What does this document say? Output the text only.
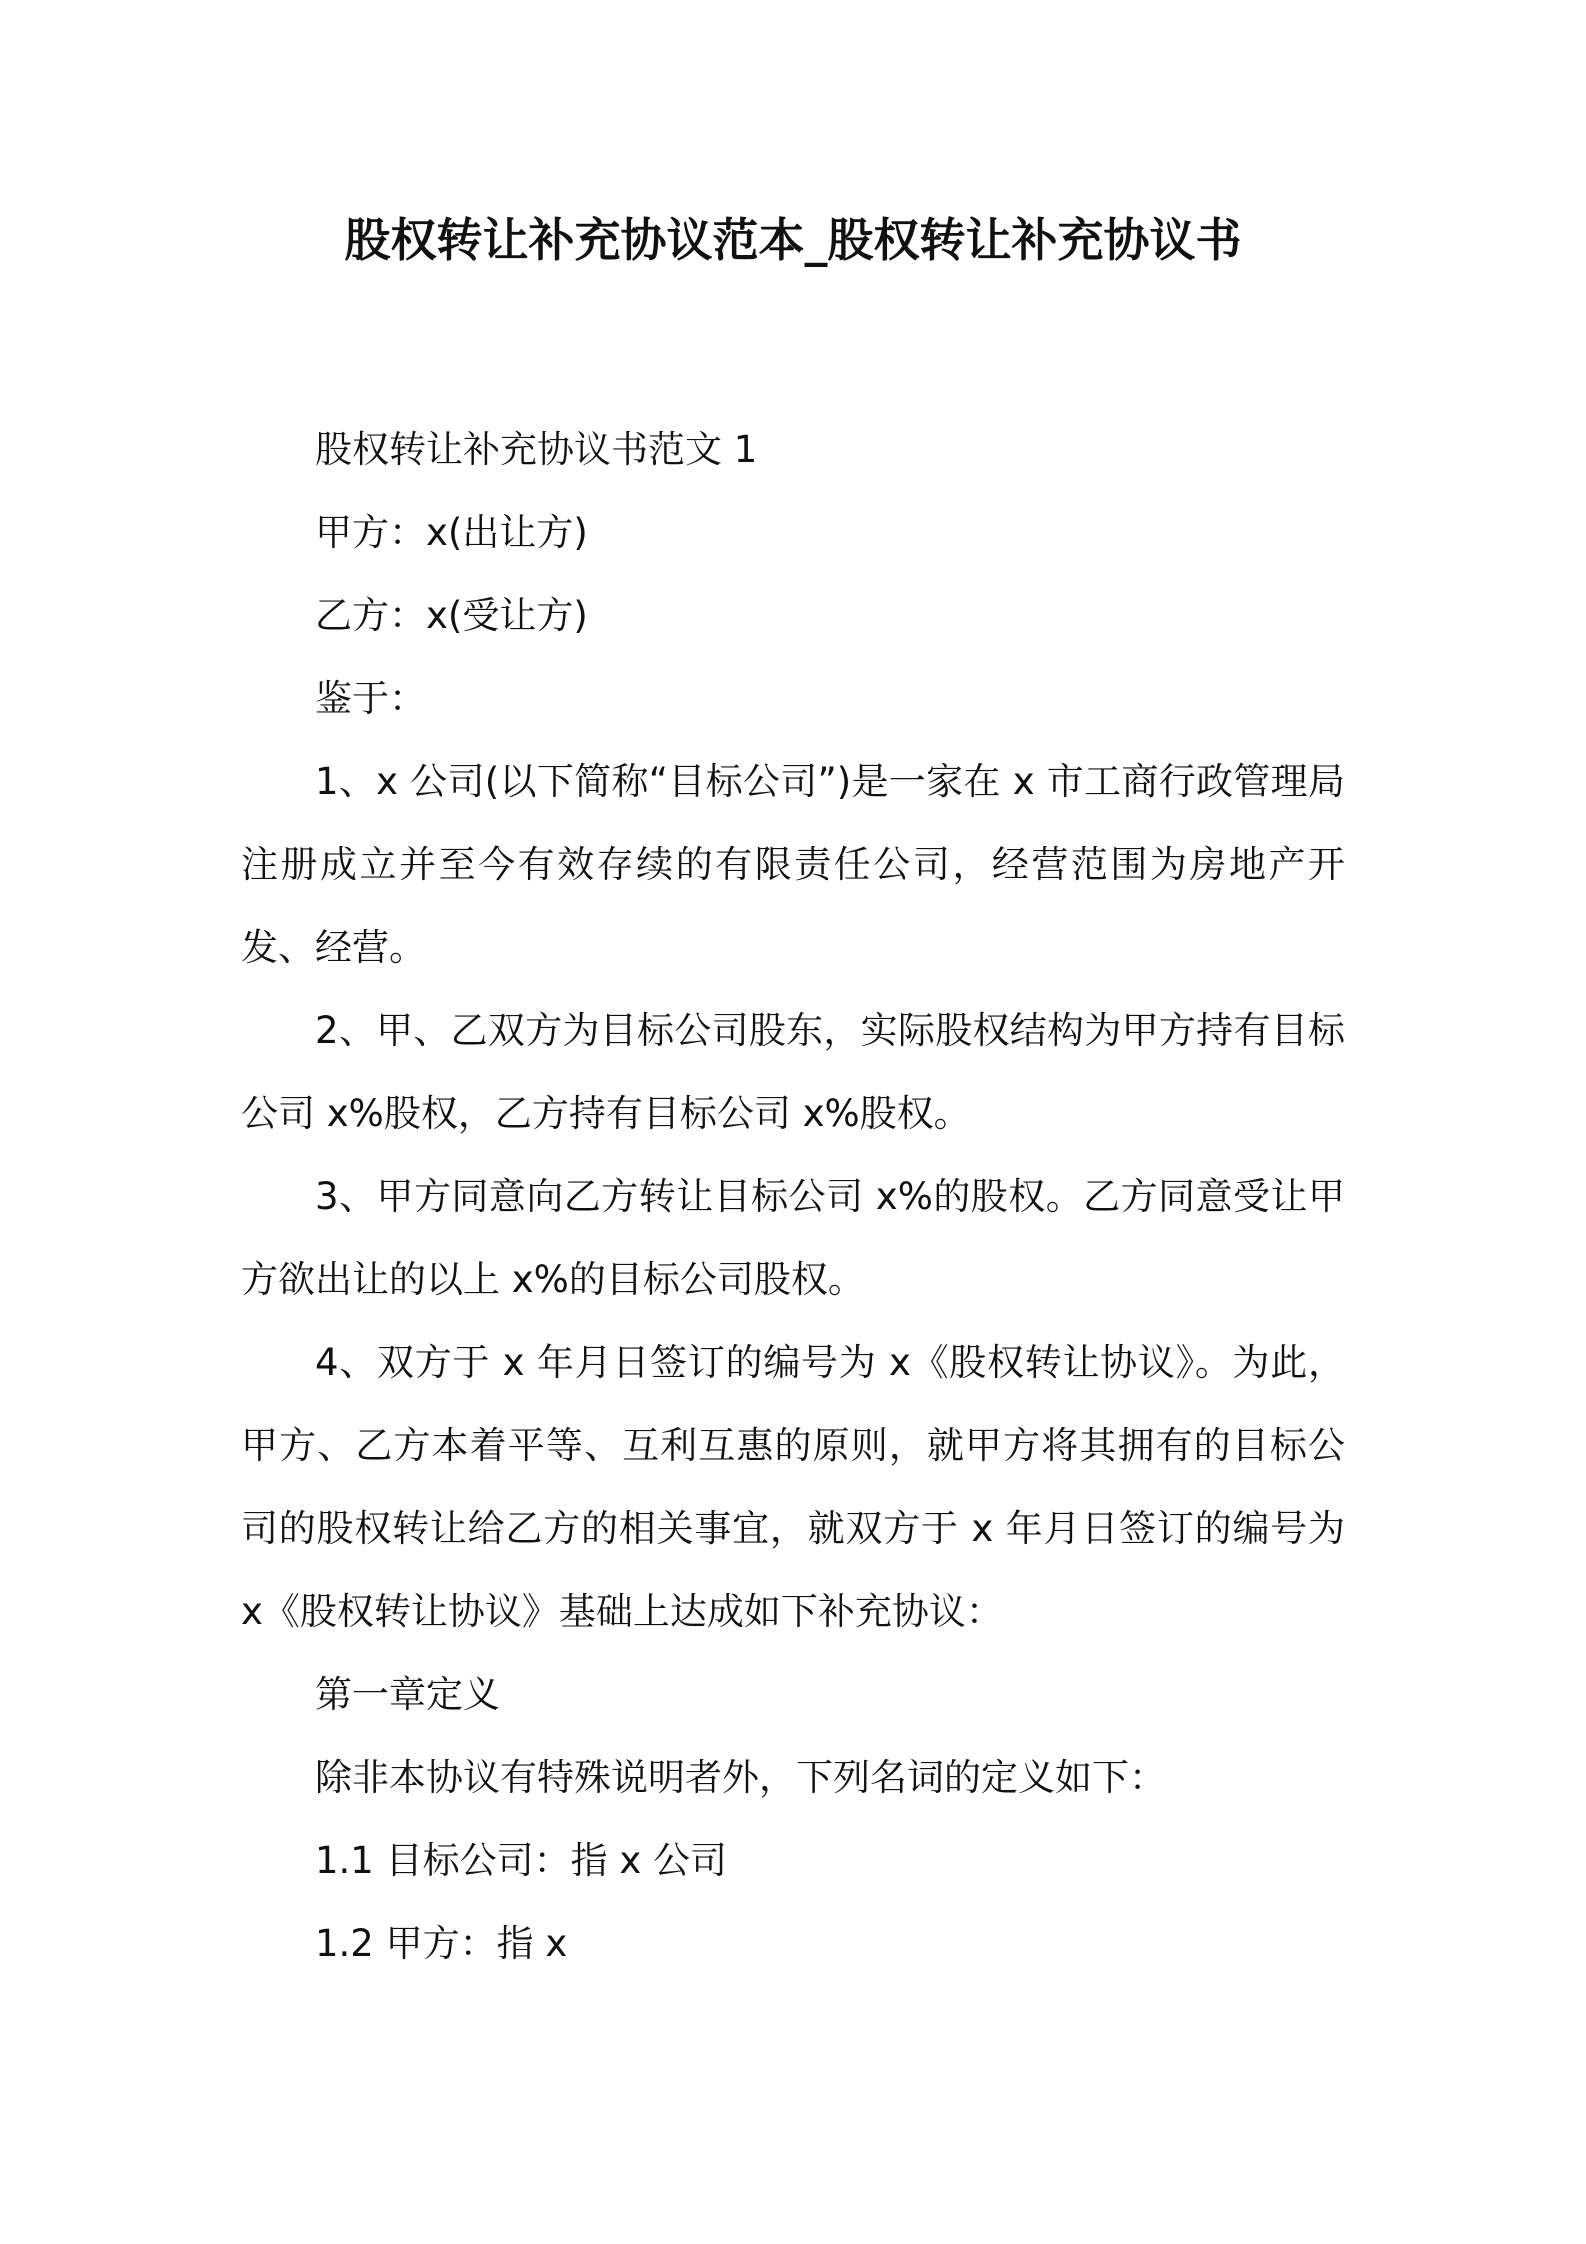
股权转让补充协议范本_股权转让补充协议书

股权转让补充协议书范文 1

甲方：x(出让方)

乙方：x(受让方)

鉴于：

1、x 公司(以下简称“目标公司”)是一家在 x 市工商行政管理局注册成立并至今有效存续的有限责任公司，经营范围为房地产开发、经营。

2、甲、乙双方为目标公司股东，实际股权结构为甲方持有目标公司 x%股权，乙方持有目标公司 x%股权。

3、甲方同意向乙方转让目标公司 x%的股权。乙方同意受让甲方欲出让的以上 x%的目标公司股权。

4、双方于 x 年月日签订的编号为 x《股权转让协议》。为此，甲方、乙方本着平等、互利互惠的原则，就甲方将其拥有的目标公司的股权转让给乙方的相关事宜，就双方于 x 年月日签订的编号为 x《股权转让协议》基础上达成如下补充协议：

第一章定义

除非本协议有特殊说明者外，下列名词的定义如下：

1.1 目标公司：指 x 公司

1.2 甲方：指 x
